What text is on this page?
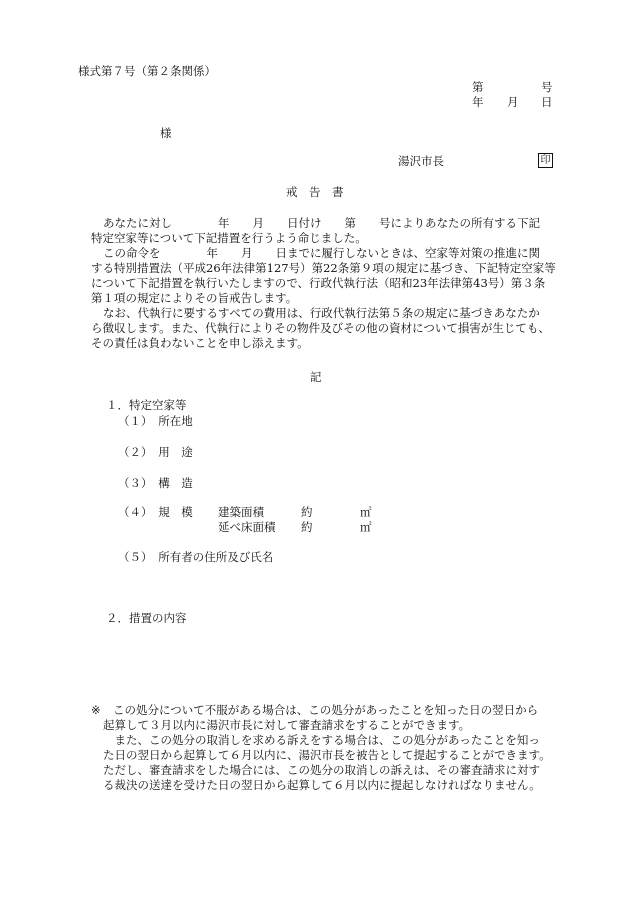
様式第７号（第２条関係）
第	号
年 月 日
様
湯沢市長	印
戒　告　書
あなたに対し　　　　年　　月　　日付け　　第　　号によりあなたの所有する下記
特定空家等について下記措置を行うよう命じました。
この命令を　　　　年　　月　　日までに履行しないときは、空家等対策の推進に関
する特別措置法（平成26年法律第127号）第22条第９項の規定に基づき、下記特定空家等
について下記措置を執行いたしますので、行政代執行法（昭和23年法律第43号）第３条
第１項の規定によりその旨戒告します。
なお、代執行に要するすべての費用は、行政代執行法第５条の規定に基づきあなたか
ら徴収します。また、代執行によりその物件及びその他の資材について損害が生じても、
その責任は負わないことを申し添えます。
記
１．特定空家等
（１）　所在地
（２）　用　途
（３）　構　造
（４）　規　模 建築面積	約	㎡
延べ床面積 約	㎡
（５）　所有者の住所及び氏名
２．措置の内容
※ この処分について不服がある場合は、この処分があったことを知った日の翌日から
起算して３月以内に湯沢市長に対して審査請求をすることができます。
　また、この処分の取消しを求める訴えをする場合は、この処分があったことを知っ
た日の翌日から起算して６月以内に、湯沢市長を被告として提起することができます。
ただし、審査請求をした場合には、この処分の取消しの訴えは、その審査請求に対す
る裁決の送達を受けた日の翌日から起算して６月以内に提起しなければなりません。
